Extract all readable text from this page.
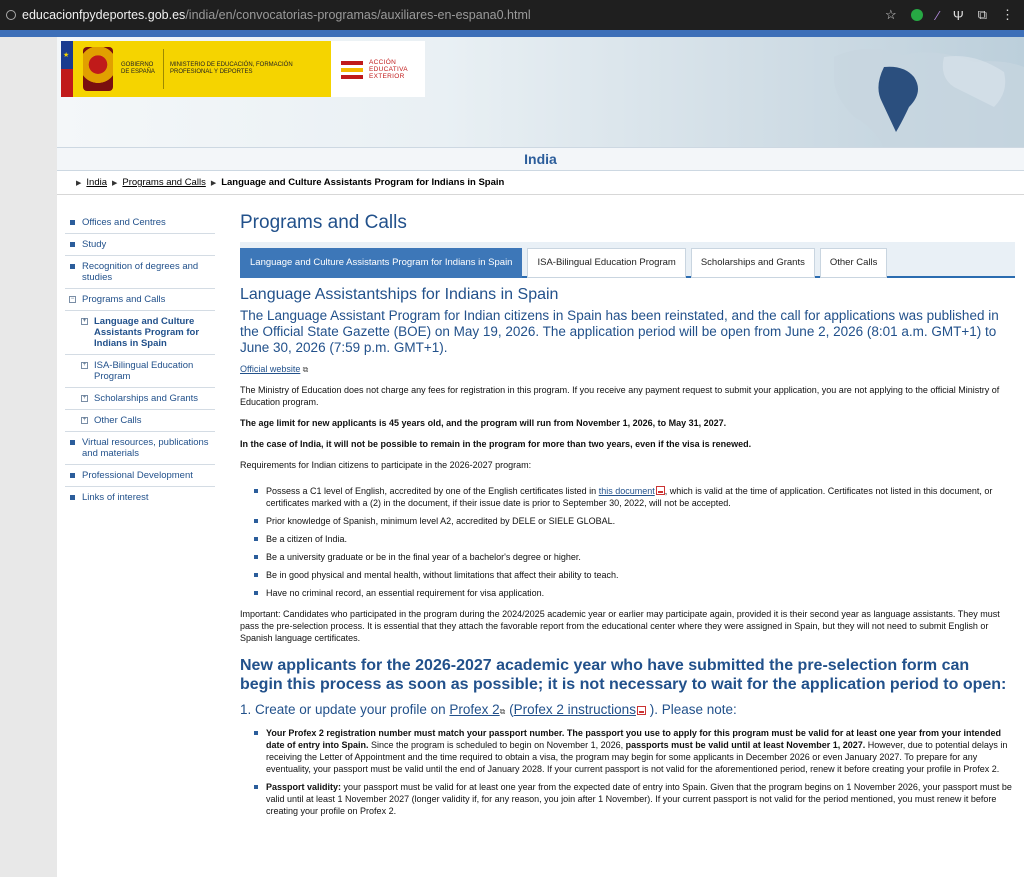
educacionfpydeportes.gob.es/india/en/convocatorias-programas/auxiliares-en-espana0.html	☆	⁄ Ψ ⧉ ⋮
★
GOBIERNO DE ESPAÑA
MINISTERIO DE EDUCACIÓN, FORMACIÓN PROFESIONAL Y DEPORTES
ACCIÓN EDUCATIVA EXTERIOR
India
▶ India ▶ Programs and Calls ▶ Language and Culture Assistants Program for Indians in Spain
Offices and Centres
Study
Recognition of degrees and studies
− Programs and Calls
+ Language and Culture Assistants Program for Indians in Spain
+ ISA-Bilingual Education Program
+ Scholarships and Grants
+ Other Calls
Virtual resources, publications and materials
Professional Development
Links of interest
Programs and Calls
Language and Culture Assistants Program for Indians in Spain	ISA-Bilingual Education Program	Scholarships and Grants	Other Calls
Language Assistantships for Indians in Spain
The Language Assistant Program for Indian citizens in Spain has been reinstated, and the call for applications was published in the Official State Gazette (BOE) on May 19, 2026. The application period will be open from June 2, 2026 (8:01 a.m. GMT+1) to June 30, 2026 (7:59 p.m. GMT+1).
Official website ⧉

The Ministry of Education does not charge any fees for registration in this program. If you receive any payment request to submit your application, you are not applying to the official Ministry of Education program.

The age limit for new applicants is 45 years old, and the program will run from November 1, 2026, to May 31, 2027.

In the case of India, it will not be possible to remain in the program for more than two years, even if the visa is renewed.

Requirements for Indian citizens to participate in the 2026-2027 program:

Possess a C1 level of English, accredited by one of the English certificates listed in this document , which is valid at the time of application. Certificates not listed in this document, or certificates marked with a (2) in the document, if their issue date is prior to September 30, 2022, will not be accepted.
Prior knowledge of Spanish, minimum level A2, accredited by DELE or SIELE GLOBAL.
Be a citizen of India.
Be a university graduate or be in the final year of a bachelor's degree or higher.
Be in good physical and mental health, without limitations that affect their ability to teach.
Have no criminal record, an essential requirement for visa application.

Important: Candidates who participated in the program during the 2024/2025 academic year or earlier may participate again, provided it is their second year as language assistants. They must pass the pre-selection process. It is essential that they attach the favorable report from the educational center where they were assigned in Spain, but they will not need to submit English or Spanish language certificates.

New applicants for the 2026-2027 academic year who have submitted the pre-selection form can begin this process as soon as possible; it is not necessary to wait for the application period to open:
1. Create or update your profile on Profex 2⧉ (Profex 2 instructions ). Please note:
Your Profex 2 registration number must match your passport number. The passport you use to apply for this program must be valid for at least one year from your intended date of entry into Spain. Since the program is scheduled to begin on November 1, 2026, passports must be valid until at least November 1, 2027. However, due to potential delays in receiving the Letter of Appointment and the time required to obtain a visa, the program may begin for some applicants in December 2026 or even January 2027. To prepare for any eventuality, your passport must be valid until the end of January 2028. If your current passport is not valid for the aforementioned period, renew it before creating your profile in Profex 2.
Passport validity: your passport must be valid for at least one year from the expected date of entry into Spain. Given that the program begins on 1 November 2026, your passport must be valid until at least 1 November 2027 (longer validity if, for any reason, you join after 1 November). If your current passport is not valid for the period mentioned, you must renew it before creating your profile on Profex 2.
